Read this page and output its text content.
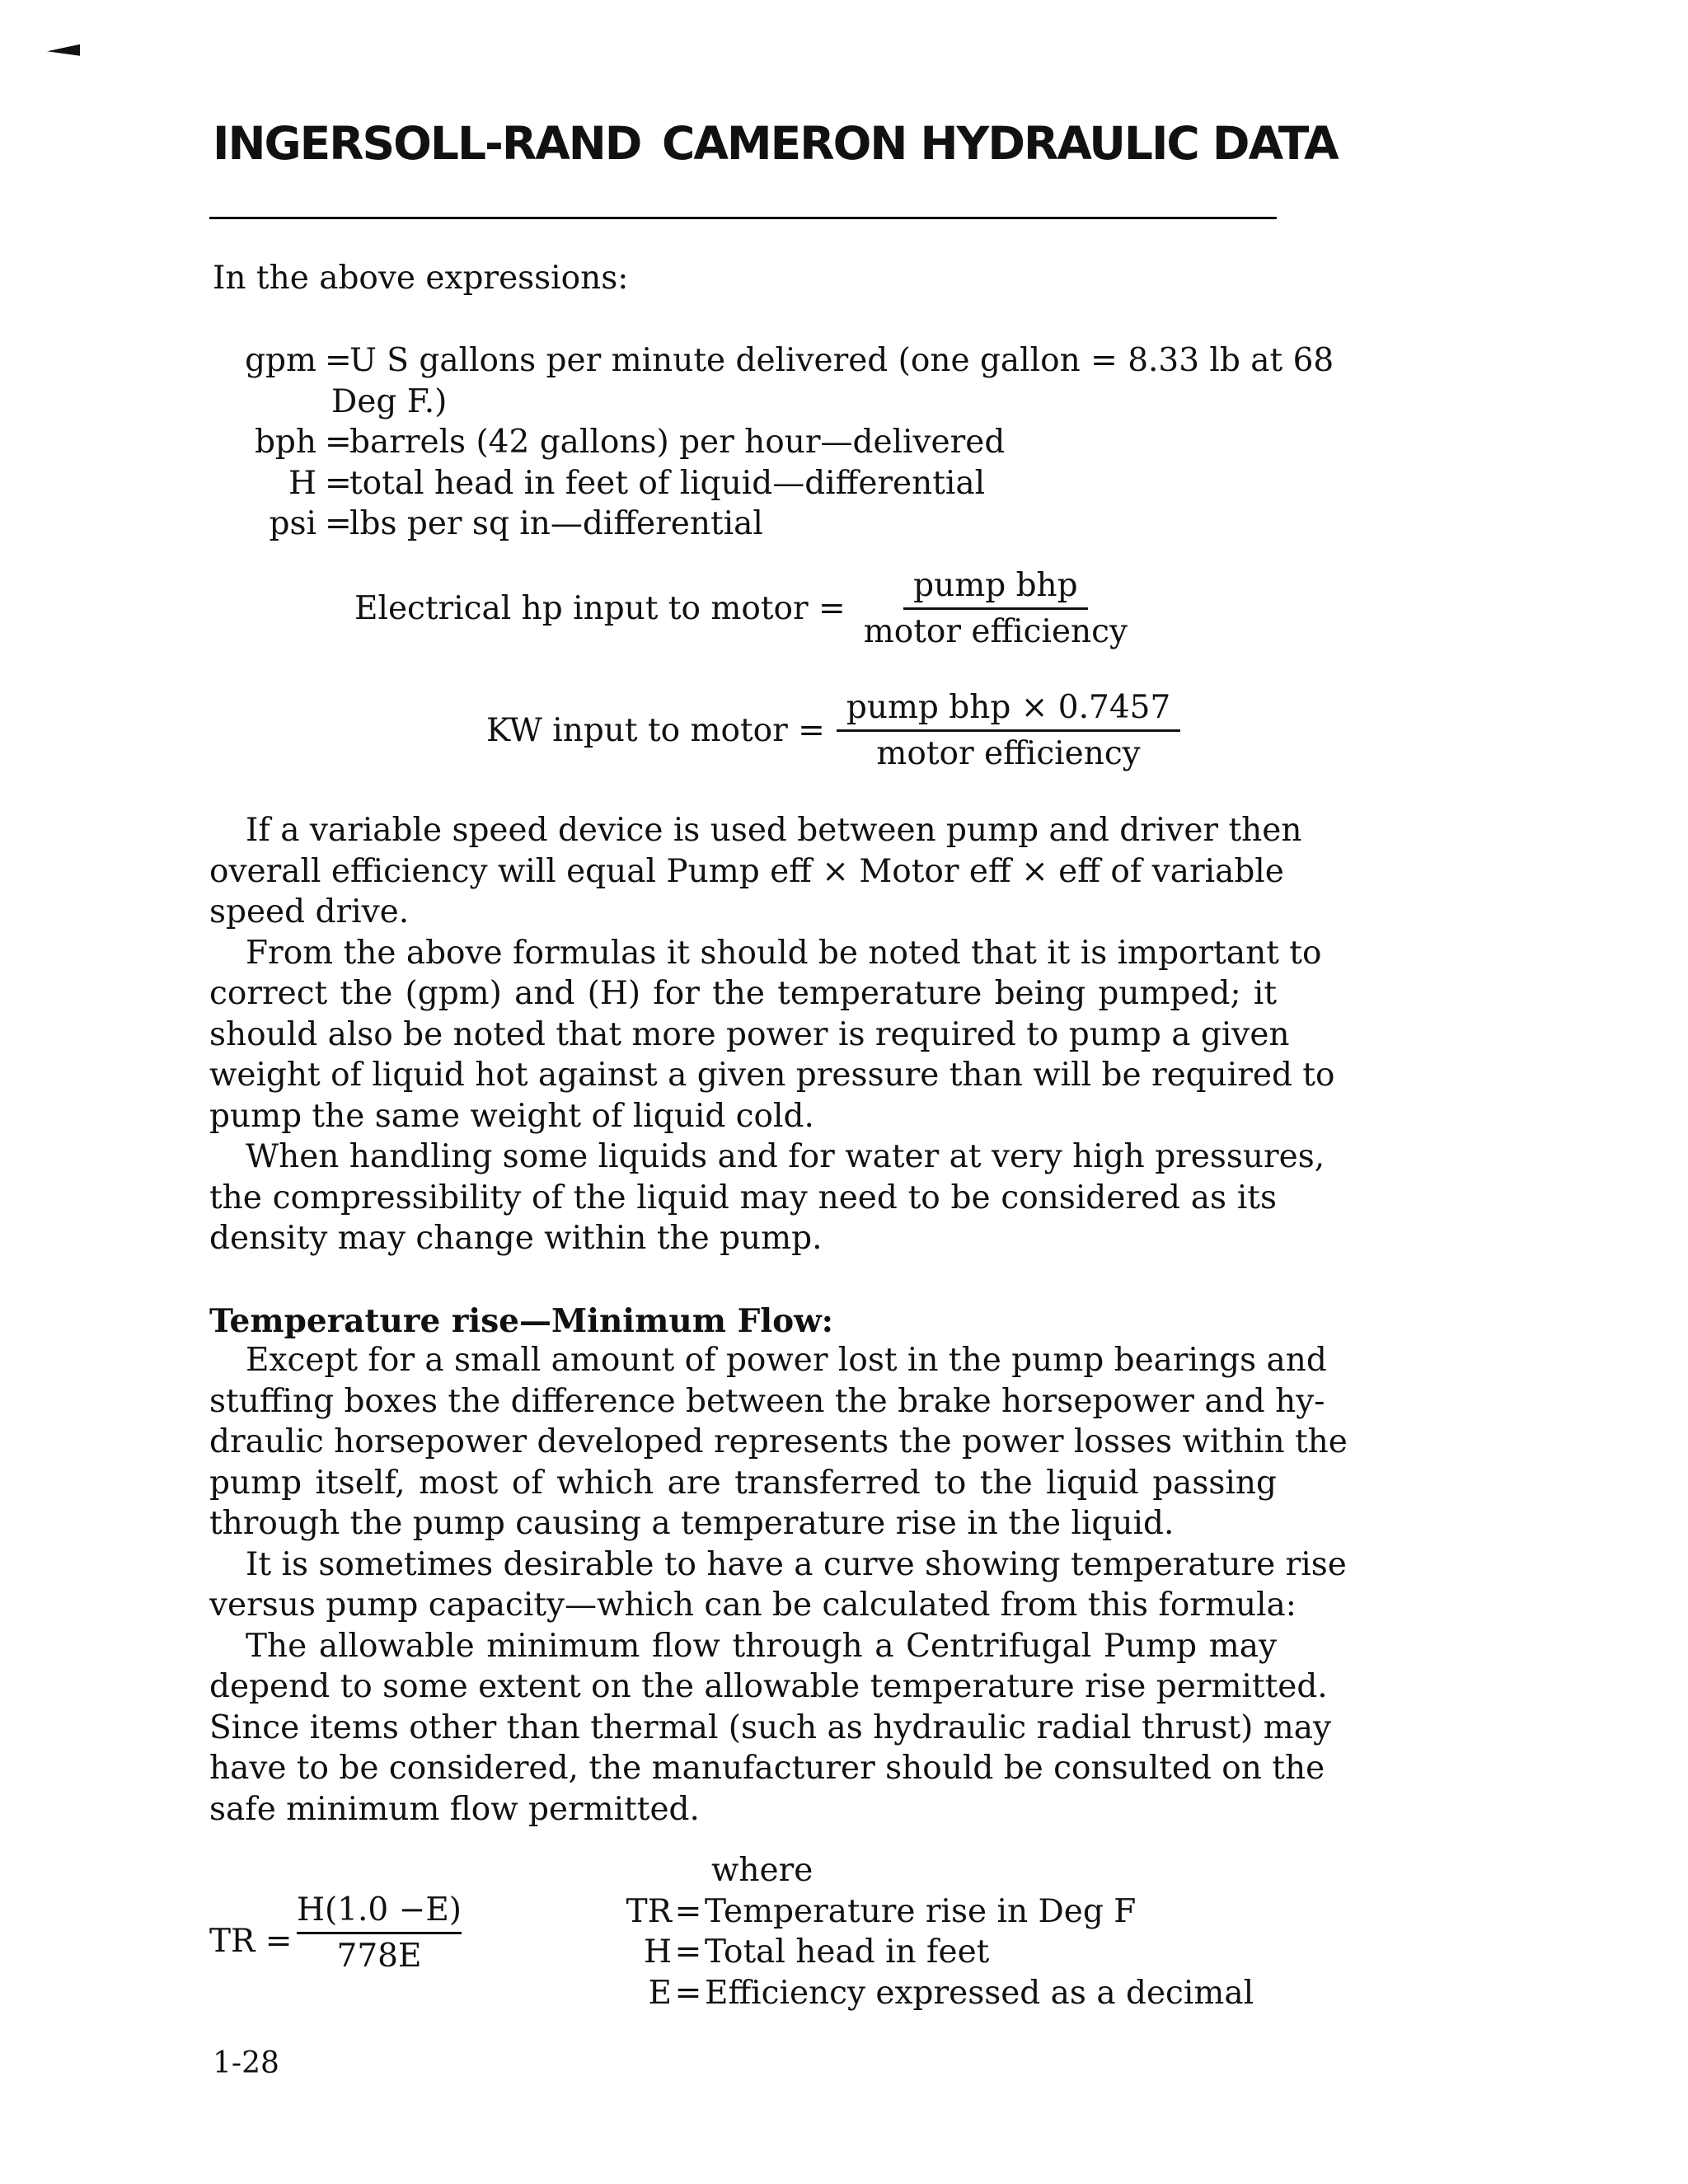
INGERSOLL-RAND CAMERON HYDRAULIC DATA
In the above expressions:
gpm =
U S gallons per minute delivered (one gallon = 8.33 lb at 68
Deg F.)
bph =
barrels (42 gallons) per hour—delivered
H =
total head in feet of liquid—differential
psi =
lbs per sq in—differential
Electrical hp input to motor = $\frac{\text{pump bhp}}{\text{motor efficiency}}$
KW input to motor = $\frac{\text{pump bhp × 0.7457}}{\text{motor efficiency}}$
If a variable speed device is used between pump and driver then
overall efficiency will equal Pump eff × Motor eff × eff of variable
speed drive.
From the above formulas it should be noted that it is important to
correct the (gpm) and (H) for the temperature being pumped; it
should also be noted that more power is required to pump a given
weight of liquid hot against a given pressure than will be required to
pump the same weight of liquid cold.
When handling some liquids and for water at very high pressures,
the compressibility of the liquid may need to be considered as its
density may change within the pump.
Temperature rise—Minimum Flow:
Except for a small amount of power lost in the pump bearings and
stuffing boxes the difference between the brake horsepower and hy-
draulic horsepower developed represents the power losses within the
pump itself, most of which are transferred to the liquid passing
through the pump causing a temperature rise in the liquid.
It is sometimes desirable to have a curve showing temperature rise
versus pump capacity—which can be calculated from this formula:
The allowable minimum flow through a Centrifugal Pump may
depend to some extent on the allowable temperature rise permitted.
Since items other than thermal (such as hydraulic radial thrust) may
have to be considered, the manufacturer should be consulted on the
safe minimum flow permitted.
TR = $\frac{H(1.0 -E)}{778E}$
where
TR = Temperature rise in Deg F
H = Total head in feet
E = Efficiency expressed as a decimal
1-28
